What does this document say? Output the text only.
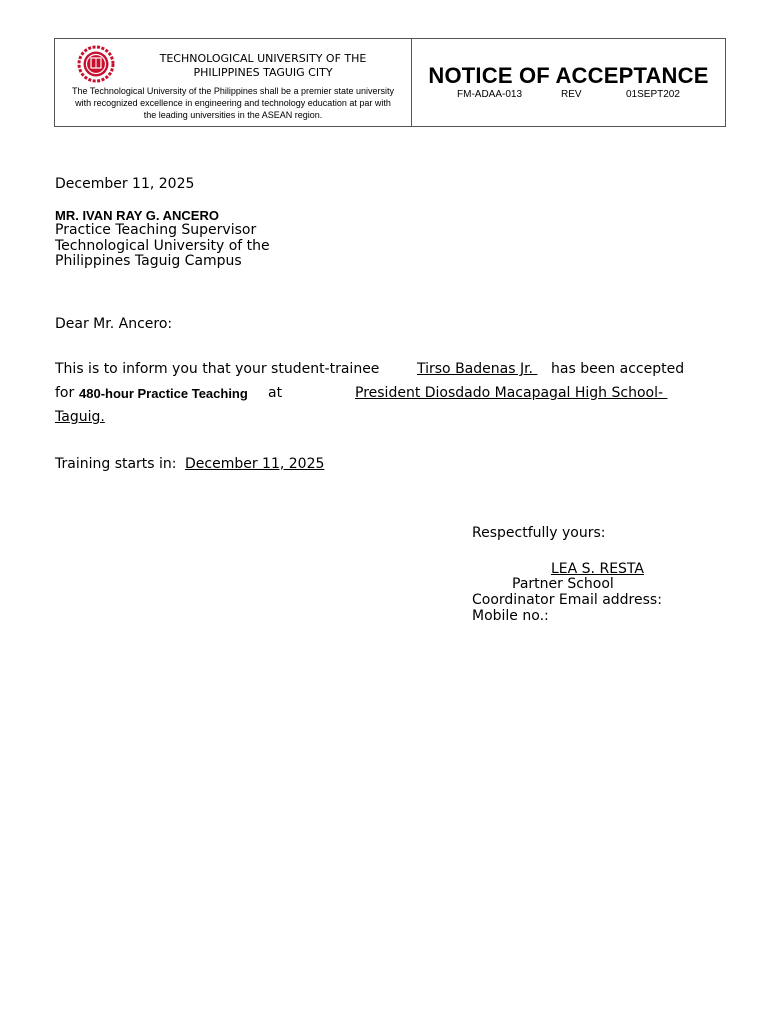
TECHNOLOGICAL UNIVERSITY OF THE
PHILIPPINES TAGUIG CITY
The Technological University of the Philippines shall be a premier state university
with recognized excellence in engineering and technology education at par with
the leading universities in the ASEAN region.
NOTICE OF ACCEPTANCE
FM-ADAA-013	REV	01SEPT202
December 11, 2025
MR. IVAN RAY G. ANCERO
Practice Teaching Supervisor
Technological University of the
Philippines Taguig Campus
Dear Mr. Ancero:
This is to inform you that your student-trainee	Tirso Badenas Jr. has been accepted
for 480-hour Practice Teaching at	President Diosdado Macapagal High School-
Taguig.
Training starts in: December 11, 2025
Respectfully yours:
LEA S. RESTA
Partner School
Coordinator Email address:
Mobile no.:
